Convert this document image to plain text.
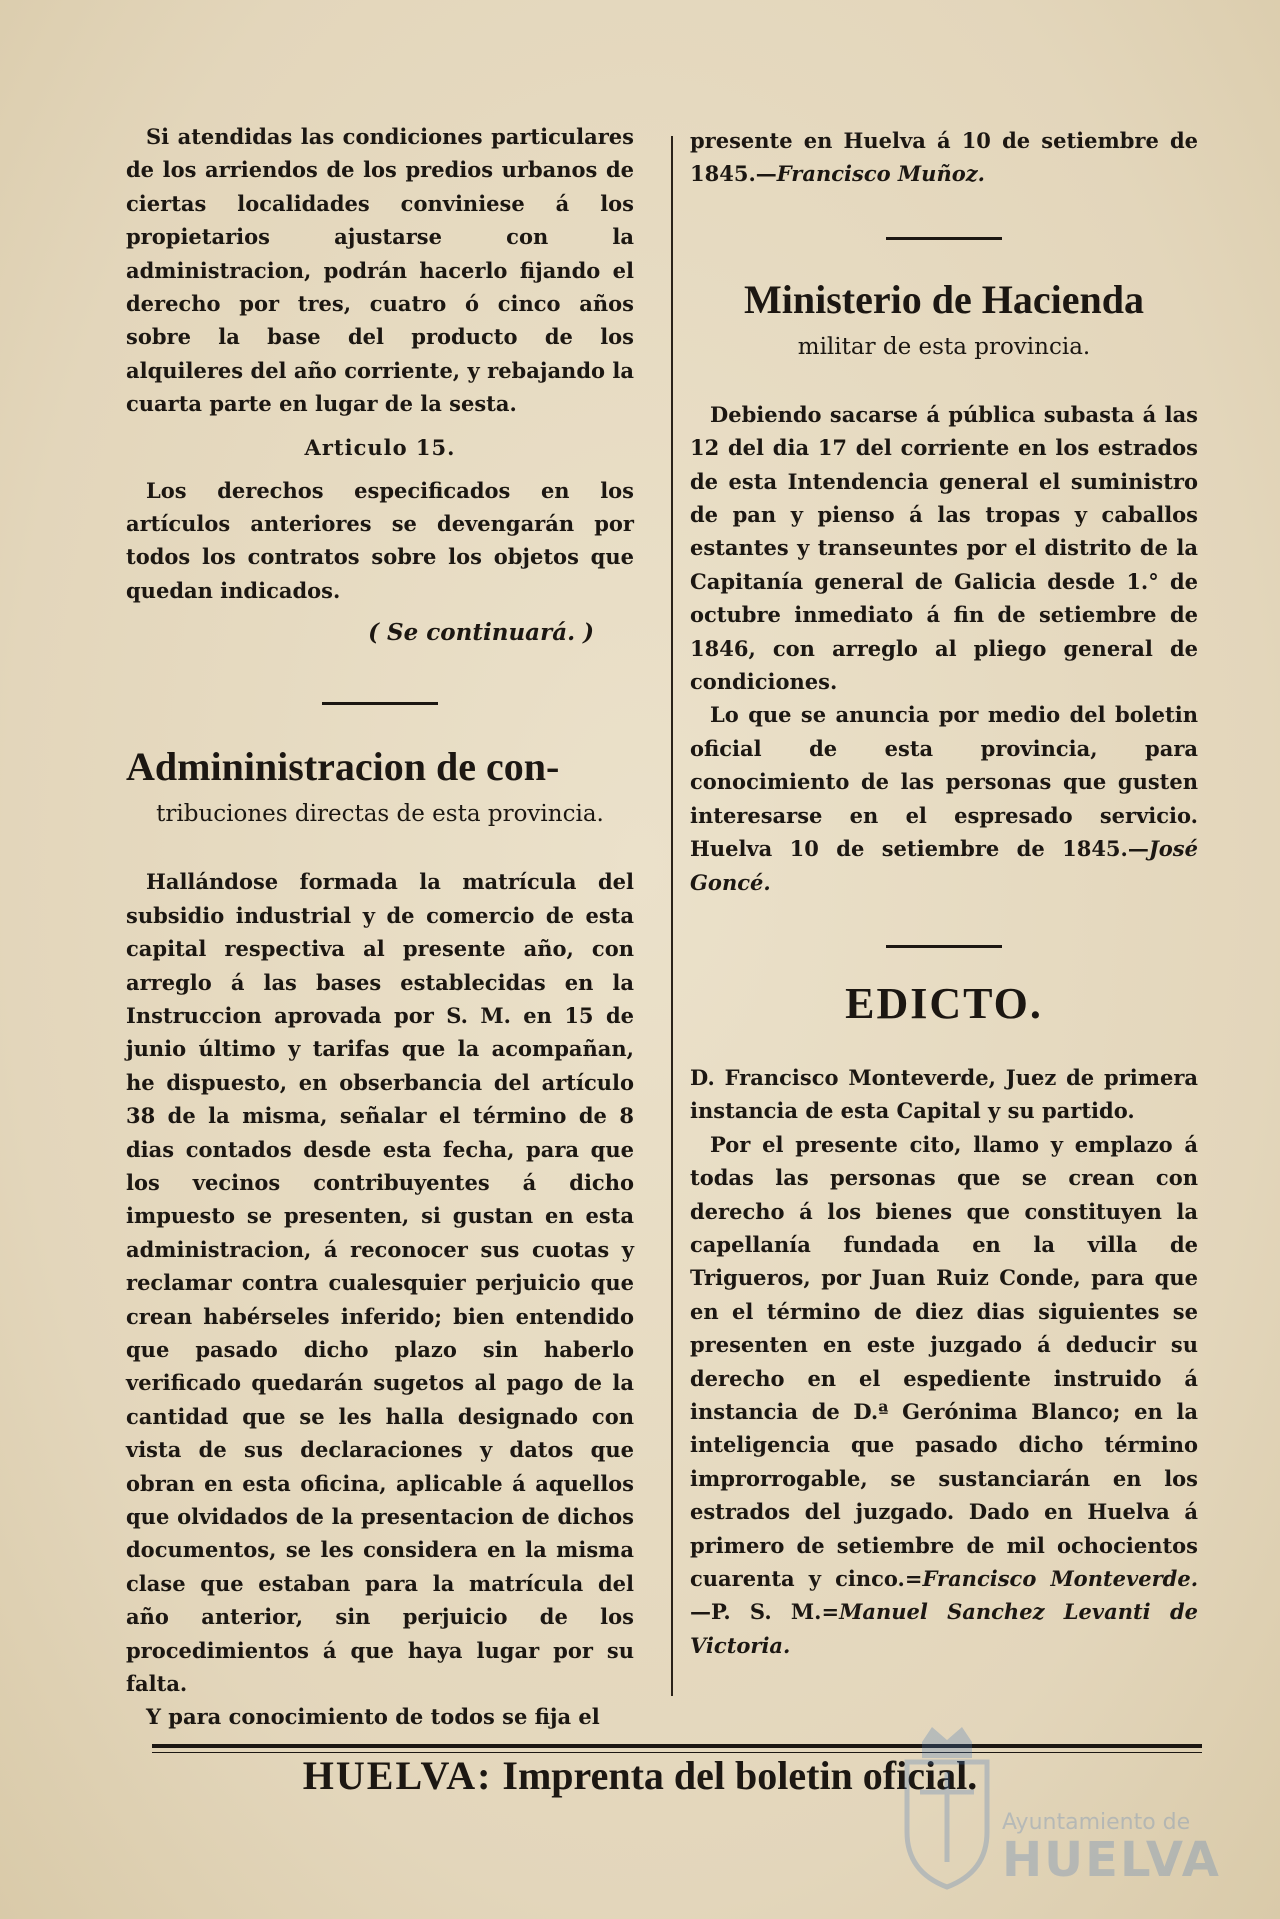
Si atendidas las condiciones particulares de los arriendos de los predios urbanos de ciertas localidades conviniese á los propietarios ajustarse con la administracion, podrán hacerlo fijando el derecho por tres, cuatro ó cinco años sobre la base del producto de los alquileres del año corriente, y rebajando la cuarta parte en lugar de la sesta.

Articulo 15.

Los derechos especificados en los artículos anteriores se devengarán por todos los contratos sobre los objetos que quedan indicados.

( Se continuará. )
Admininistracion de con-
tribuciones directas de esta provincia.

Hallándose formada la matrícula del subsidio industrial y de comercio de esta capital respectiva al presente año, con arreglo á las bases establecidas en la Instruccion aprovada por S. M. en 15 de junio último y tarifas que la acompañan, he dispuesto, en obserbancia del artículo 38 de la misma, señalar el término de 8 dias contados desde esta fecha, para que los vecinos contribuyentes á dicho impuesto se presenten, si gustan en esta administracion, á reconocer sus cuotas y reclamar contra cualesquier perjuicio que crean habérseles inferido; bien entendido que pasado dicho plazo sin haberlo verificado quedarán sugetos al pago de la cantidad que se les halla designado con vista de sus declaraciones y datos que obran en esta oficina, aplicable á aquellos que olvidados de la presentacion de dichos documentos, se les considera en la misma clase que estaban para la matrícula del año anterior, sin perjuicio de los procedimientos á que haya lugar por su falta.

Y para conocimiento de todos se fija el

presente en Huelva á 10 de setiembre de 1845.—Francisco Muñoz.

Ministerio de Hacienda
militar de esta provincia.

Debiendo sacarse á pública subasta á las 12 del dia 17 del corriente en los estrados de esta Intendencia general el suministro de pan y pienso á las tropas y caballos estantes y transeuntes por el distrito de la Capitanía general de Galicia desde 1.° de octubre inmediato á fin de setiembre de 1846, con arreglo al pliego general de condiciones.

Lo que se anuncia por medio del boletin oficial de esta provincia, para conocimiento de las personas que gusten interesarse en el espresado servicio. Huelva 10 de setiembre de 1845.—José Goncé.

EDICTO.

D. Francisco Monteverde, Juez de primera instancia de esta Capital y su partido.

Por el presente cito, llamo y emplazo á todas las personas que se crean con derecho á los bienes que constituyen la capellanía fundada en la villa de Trigueros, por Juan Ruiz Conde, para que en el término de diez dias siguientes se presenten en este juzgado á deducir su derecho en el espediente instruido á instancia de D.ª Gerónima Blanco; en la inteligencia que pasado dicho término improrrogable, se sustanciarán en los estrados del juzgado. Dado en Huelva á primero de setiembre de mil ochocientos cuarenta y cinco.=Francisco Monteverde.—P. S. M.=Manuel Sanchez Levanti de Victoria.

HUELVA: Imprenta del boletin oficial.
Ayuntamiento de
HUELVA
